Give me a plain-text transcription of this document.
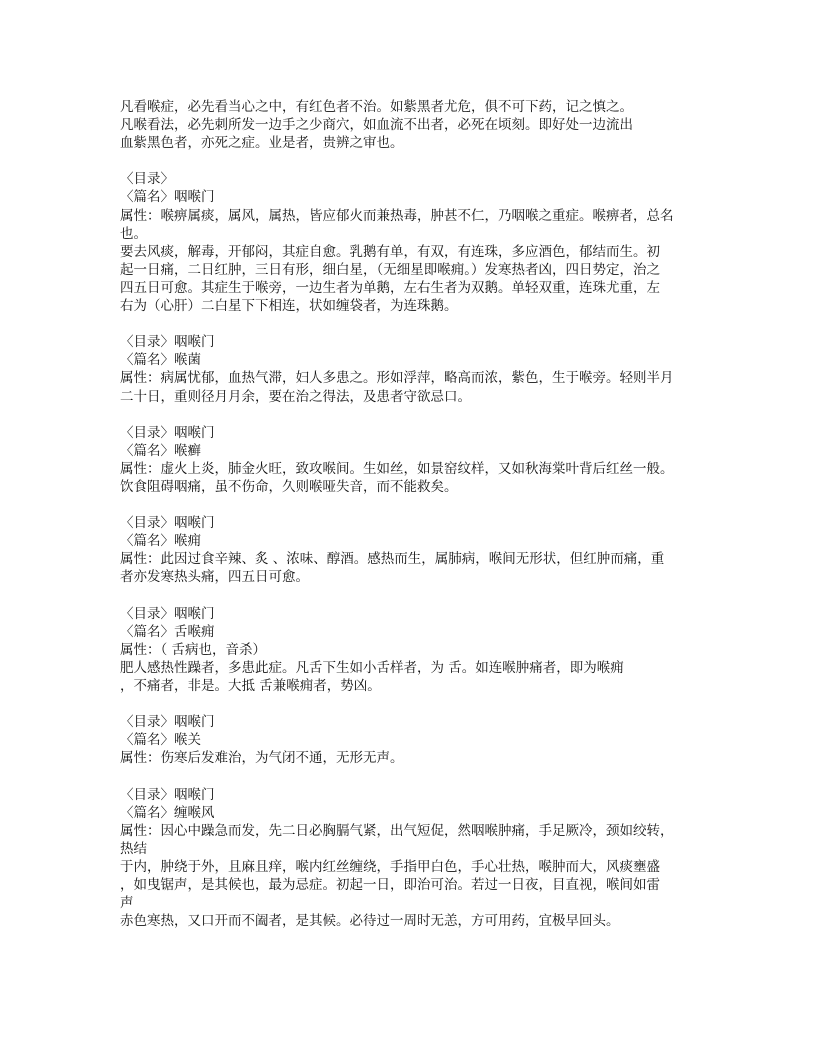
凡看喉症，必先看当心之中，有红色者不治。如紫黑者尤危，俱不可下药，记之慎之。
凡喉看法，必先刺所发一边手之少商穴，如血流不出者，必死在顷刻。即好处一边流出
血紫黑色者，亦死之症。业是者，贵辨之审也。
〈目录〉
〈篇名〉咽喉门
属性：喉痹属痰，属风，属热，皆应郁火而兼热毒，肿甚不仁，乃咽喉之重症。喉痹者，总名
也。
要去风痰，解毒，开郁闷，其症自愈。乳鹅有单，有双，有连珠，多应酒色，郁结而生。初
起一日痛，二日红肿，三日有形，细白星，（无细星即喉痈。）发寒热者凶，四日势定，治之
四五日可愈。其症生于喉旁，一边生者为单鹅，左右生者为双鹅。单轻双重，连珠尤重，左
右为（心肝）二白星下下相连，状如缠袋者，为连珠鹅。
〈目录〉咽喉门
〈篇名〉喉菌
属性：病属忧郁，血热气滞，妇人多患之。形如浮萍，略高而浓，紫色，生于喉旁。轻则半月
二十日，重则径月月余，要在治之得法，及患者守欲忌口。
〈目录〉咽喉门
〈篇名〉喉癣
属性：虚火上炎，肺金火旺，致攻喉间。生如丝，如景窑纹样，又如秋海棠叶背后红丝一般。
饮食阻碍咽痛，虽不伤命，久则喉哑失音，而不能救矣。
〈目录〉咽喉门
〈篇名〉喉痈
属性：此因过食辛辣、炙 、浓味、醇酒。感热而生，属肺病，喉间无形状，但红肿而痛，重
者亦发寒热头痛，四五日可愈。
〈目录〉咽喉门
〈篇名〉舌喉痈
属性：（ 舌病也，音杀）
肥人感热性躁者，多患此症。凡舌下生如小舌样者，为 舌。如连喉肿痛者，即为喉痈
，不痛者，非是。大抵 舌兼喉痈者，势凶。
〈目录〉咽喉门
〈篇名〉喉关
属性：伤寒后发难治，为气闭不通，无形无声。
〈目录〉咽喉门
〈篇名〉缠喉风
属性：因心中躁急而发，先二日必胸膈气紧，出气短促，然咽喉肿痛，手足厥冷，颈如绞转，
热结
于内，肿绕于外，且麻且痒，喉内红丝缠绕，手指甲白色，手心壮热，喉肿而大，风痰壅盛
，如曳锯声，是其候也，最为忌症。初起一日，即治可治。若过一日夜，目直视，喉间如雷
声
赤色寒热，又口开而不阖者，是其候。必待过一周时无恙，方可用药，宜极早回头。
